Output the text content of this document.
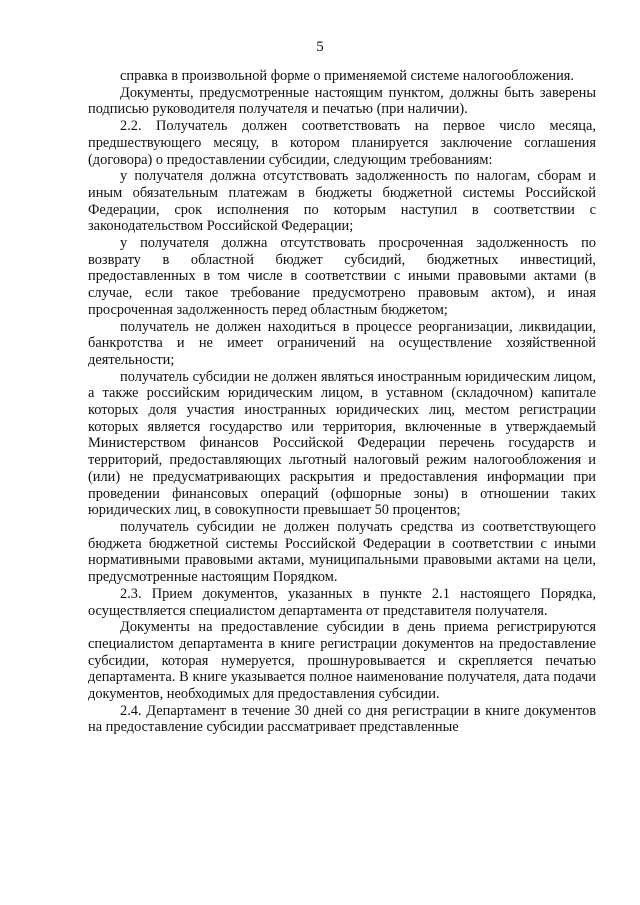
5

справка в произвольной форме о применяемой системе налогообложения.

Документы, предусмотренные настоящим пунктом, должны быть заверены подписью руководителя получателя и печатью (при наличии).

2.2. Получатель должен соответствовать на первое число месяца, предшествующего месяцу, в котором планируется заключение соглашения (договора) о предоставлении субсидии, следующим требованиям:

у получателя должна отсутствовать задолженность по налогам, сборам и иным обязательным платежам в бюджеты бюджетной системы Российской Федерации, срок исполнения по которым наступил в соответствии с законодательством Российской Федерации;

у получателя должна отсутствовать просроченная задолженность по возврату в областной бюджет субсидий, бюджетных инвестиций, предоставленных в том числе в соответствии с иными правовыми актами (в случае, если такое требование предусмотрено правовым актом), и иная просроченная задолженность перед областным бюджетом;

получатель не должен находиться в процессе реорганизации, ликвидации, банкротства и не имеет ограничений на осуществление хозяйственной деятельности;

получатель субсидии не должен являться иностранным юридическим лицом, а также российским юридическим лицом, в уставном (складочном) капитале которых доля участия иностранных юридических лиц, местом регистрации которых является государство или территория, включенные в утверждаемый Министерством финансов Российской Федерации перечень государств и территорий, предоставляющих льготный налоговый режим налогообложения и (или) не предусматривающих раскрытия и предоставления информации при проведении финансовых операций (офшорные зоны) в отношении таких юридических лиц, в совокупности превышает 50 процентов;

получатель субсидии не должен получать средства из соответствующего бюджета бюджетной системы Российской Федерации в соответствии с иными нормативными правовыми актами, муниципальными правовыми актами на цели, предусмотренные настоящим Порядком.

2.3. Прием документов, указанных в пункте 2.1 настоящего Порядка, осуществляется специалистом департамента от представителя получателя.

Документы на предоставление субсидии в день приема регистрируются специалистом департамента в книге регистрации документов на предоставление субсидии, которая нумеруется, прошнуровывается и скрепляется печатью департамента. В книге указывается полное наименование получателя, дата подачи документов, необходимых для предоставления субсидии.

2.4. Департамент в течение 30 дней со дня регистрации в книге документов на предоставление субсидии рассматривает представленные
